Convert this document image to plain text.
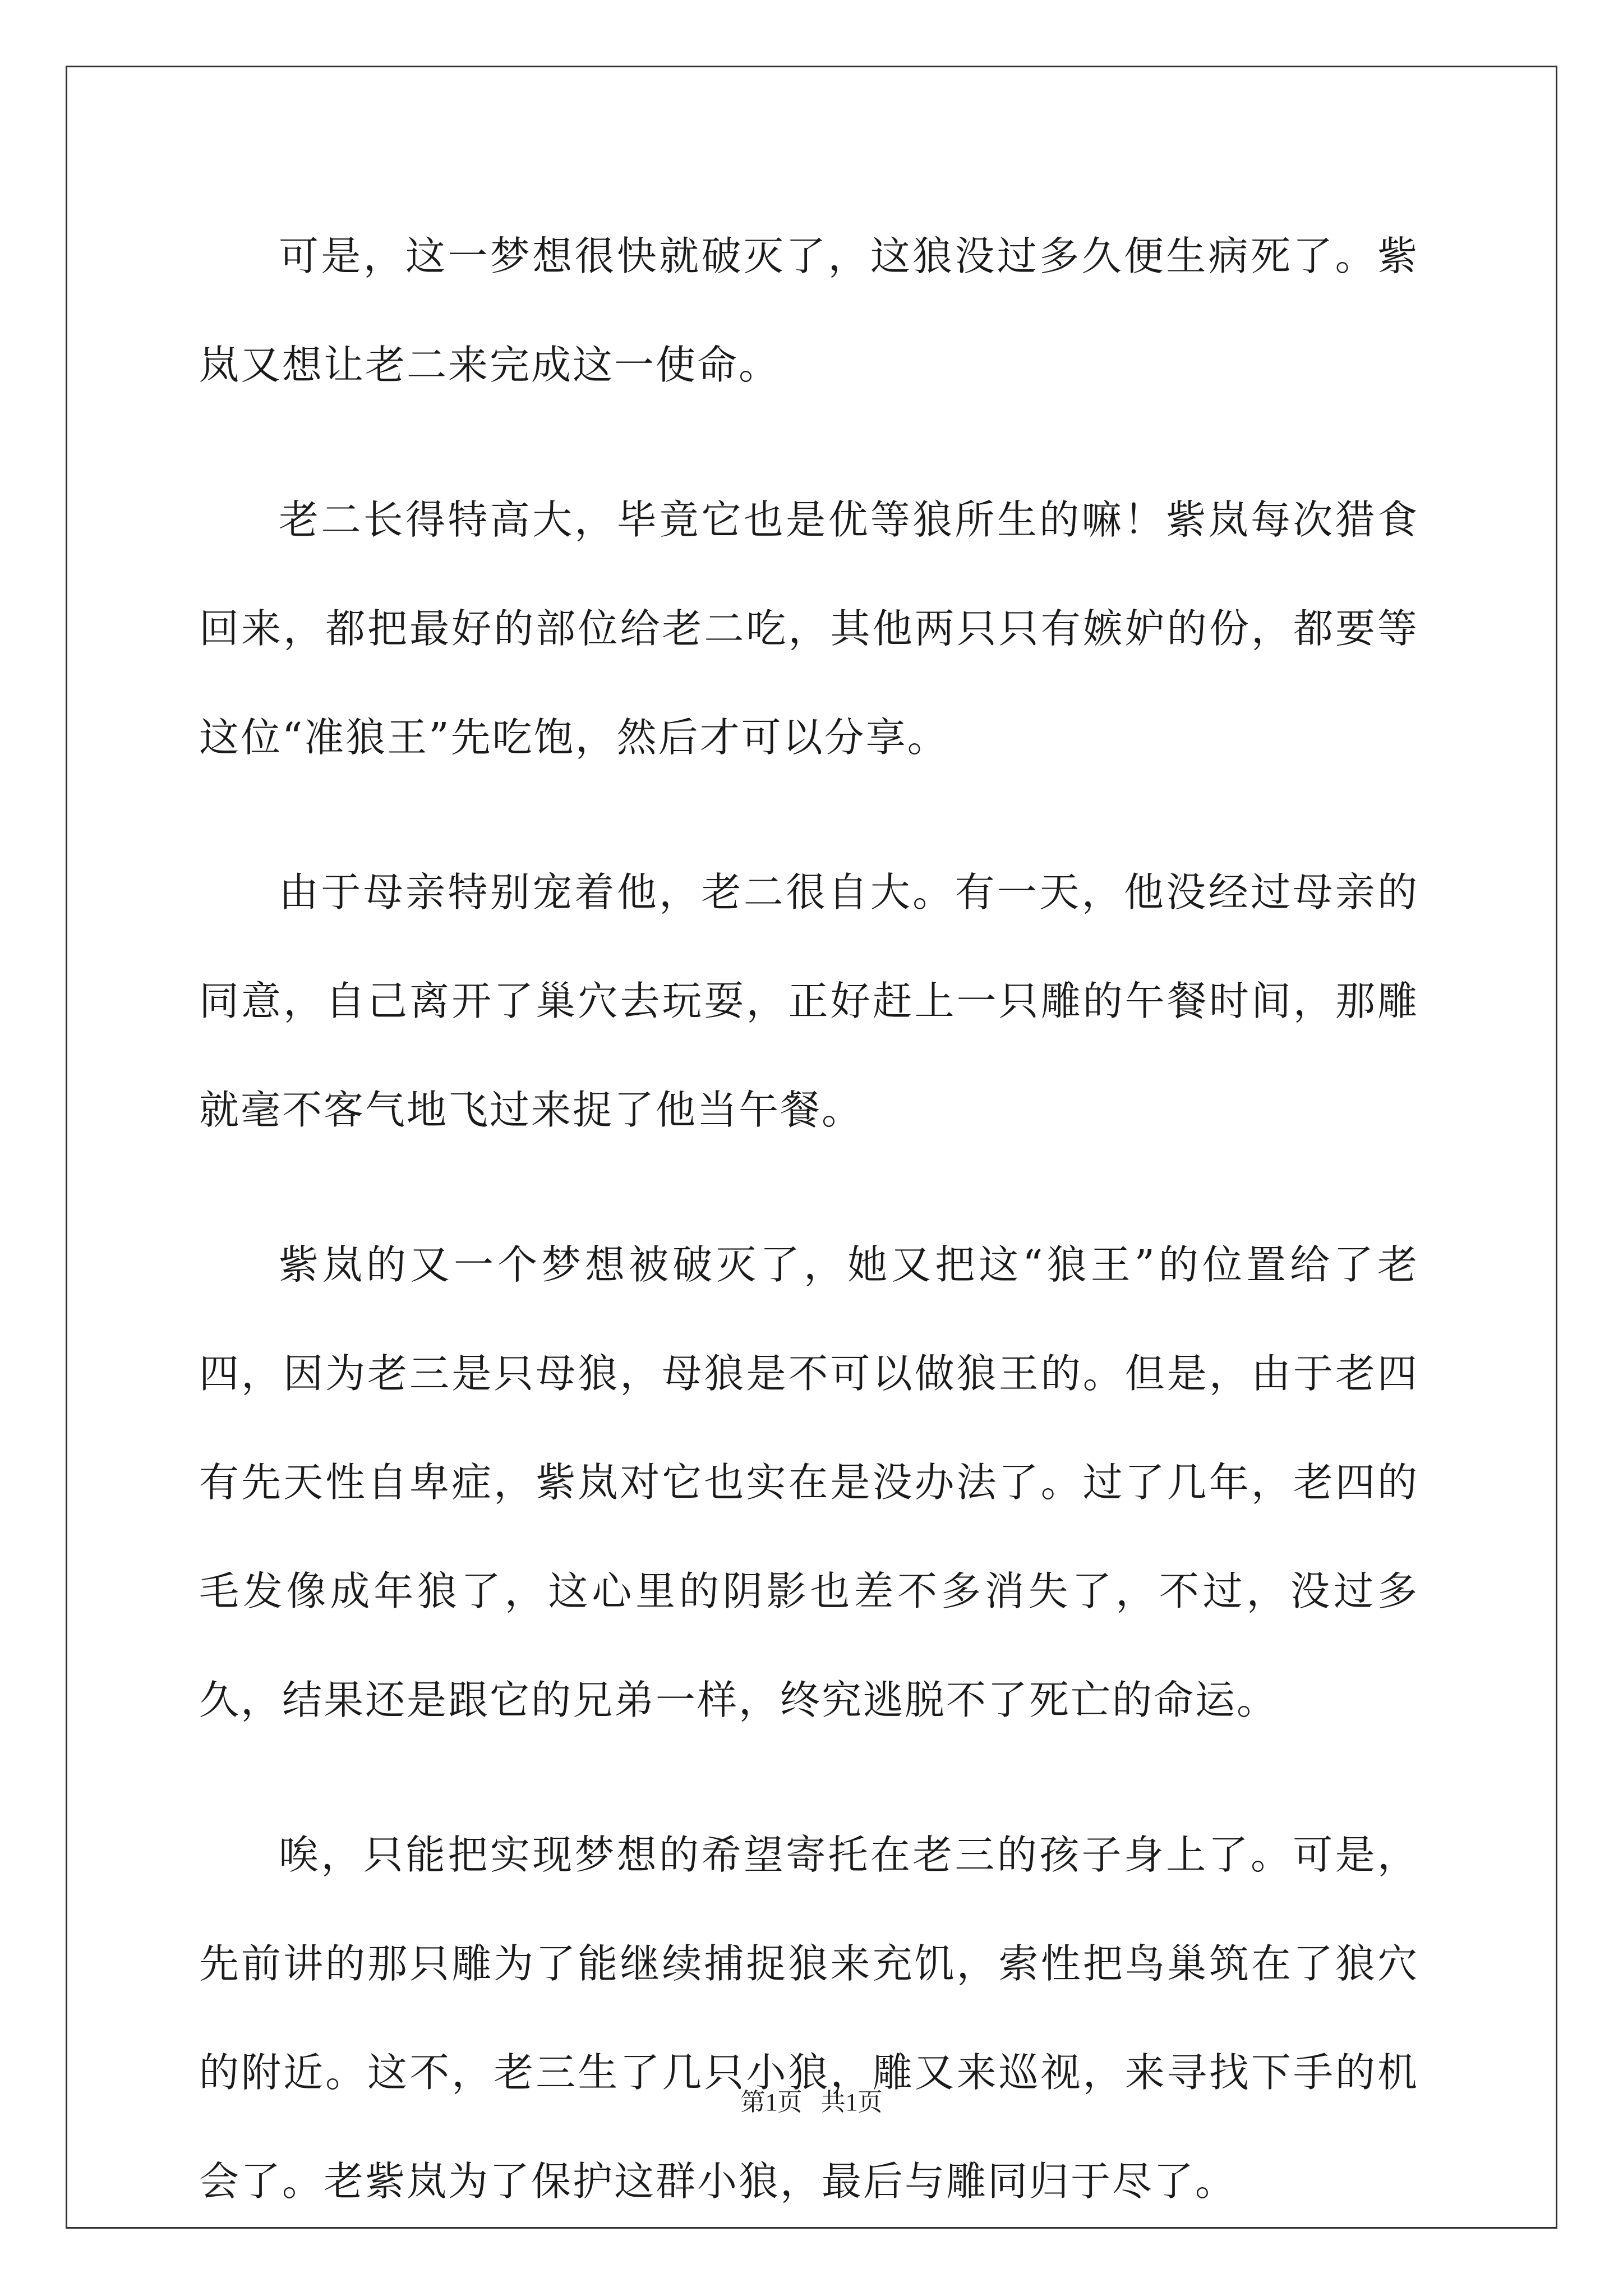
可是，这一梦想很快就破灭了，这狼没过多久便生病死了。紫岚又想让老二来完成这一使命。

老二长得特高大，毕竟它也是优等狼所生的嘛！紫岚每次猎食回来，都把最好的部位给老二吃，其他两只只有嫉妒的份，都要等这位“准狼王”先吃饱，然后才可以分享。

由于母亲特别宠着他，老二很自大。有一天，他没经过母亲的同意，自己离开了巢穴去玩耍，正好赶上一只雕的午餐时间，那雕就毫不客气地飞过来捉了他当午餐。

紫岚的又一个梦想被破灭了，她又把这“狼王”的位置给了老四，因为老三是只母狼，母狼是不可以做狼王的。但是，由于老四有先天性自卑症，紫岚对它也实在是没办法了。过了几年，老四的毛发像成年狼了，这心里的阴影也差不多消失了，不过，没过多久，结果还是跟它的兄弟一样，终究逃脱不了死亡的命运。

唉，只能把实现梦想的希望寄托在老三的孩子身上了。可是，先前讲的那只雕为了能继续捕捉狼来充饥，索性把鸟巢筑在了狼穴的附近。这不，老三生了几只小狼，雕又来巡视，来寻找下手的机会了。老紫岚为了保护这群小狼，最后与雕同归于尽了。

第1页   共1页
